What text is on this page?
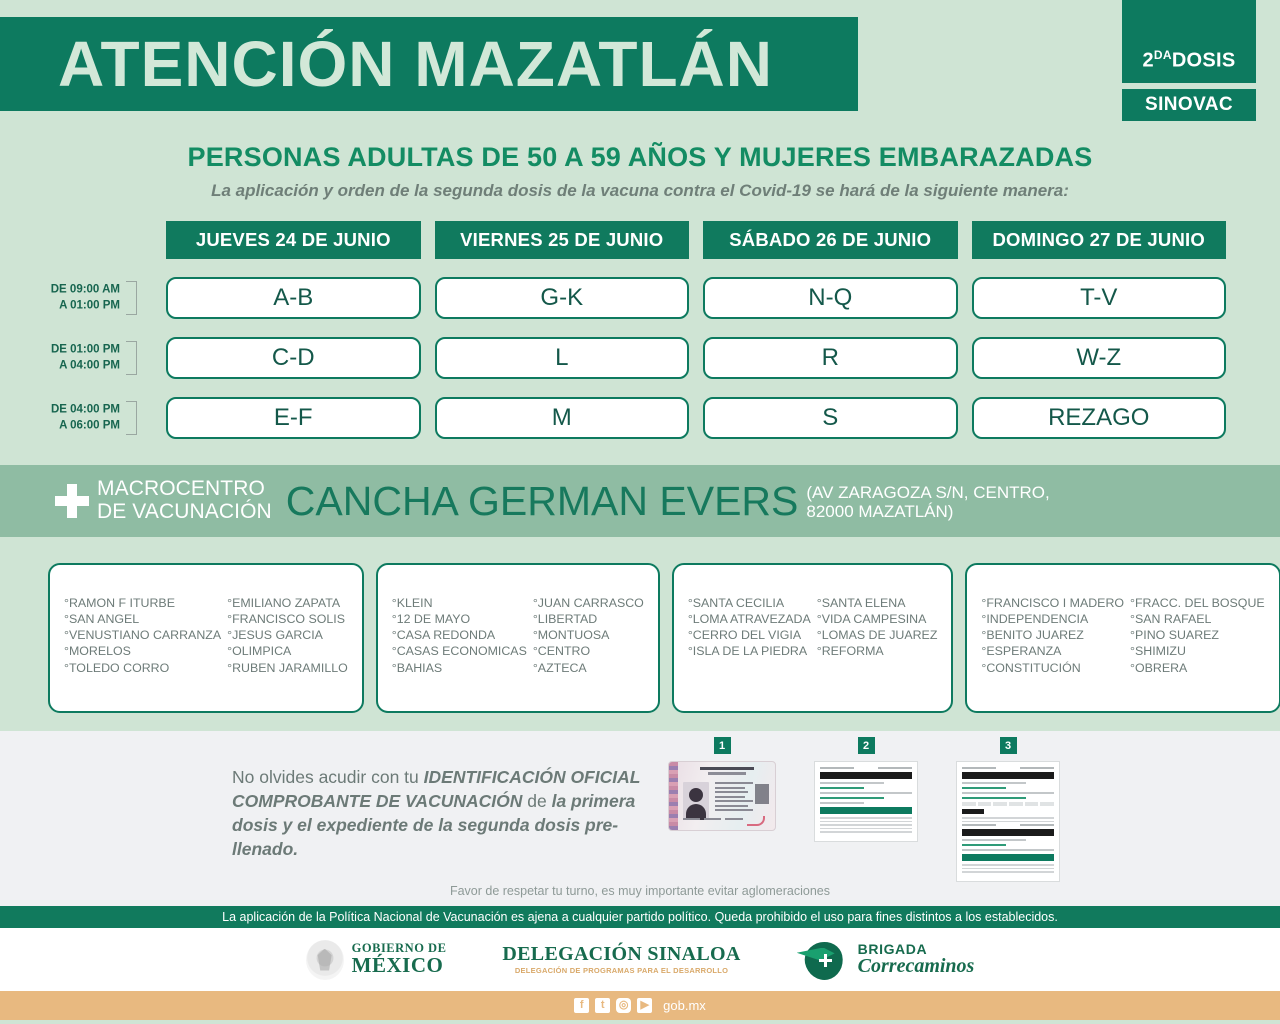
ATENCIÓN MAZATLÁN	$2^{DA}DOSIS$
SINOVAC
PERSONAS ADULTAS DE 50 A 59 AÑOS Y MUJERES EMBARAZADAS
La aplicación y orden de la segunda dosis de la vacuna contra el Covid-19 se hará de la siguiente manera:
JUEVES 24 DE JUNIO	VIERNES 25 DE JUNIO	SÁBADO 26 DE JUNIO	DOMINGO 27 DE JUNIO
DE 09:00 AM
A 01:00 PM	A-B	G-K	N-Q	T-V
DE 01:00 PM
A 04:00 PM	C-D	L	R	W-Z
DE 04:00 PM
A 06:00 PM	E-F	M	S	REZAGO
MACROCENTRO
DE VACUNACIÓN CANCHA GERMAN EVERS (AV ZARAGOZA S/N, CENTRO,
82000 MAZATLÁN)
°RAMON F ITURBE
°SAN ANGEL
°VENUSTIANO CARRANZA
°MORELOS
°TOLEDO CORRO
°EMILIANO ZAPATA
°FRANCISCO SOLIS
°JESUS GARCIA
°OLIMPICA
°RUBEN JARAMILLO
°KLEIN
°12 DE MAYO
°CASA REDONDA
°CASAS ECONOMICAS
°BAHIAS
°JUAN CARRASCO
°LIBERTAD
°MONTUOSA
°CENTRO
°AZTECA
°SANTA CECILIA
°LOMA ATRAVEZADA
°CERRO DEL VIGIA
°ISLA DE LA PIEDRA
°SANTA ELENA
°VIDA CAMPESINA
°LOMAS DE JUAREZ
°REFORMA
°FRANCISCO I MADERO
°INDEPENDENCIA
°BENITO JUAREZ
°ESPERANZA
°CONSTITUCIÓN
°FRACC. DEL BOSQUE
°SAN RAFAEL
°PINO SUAREZ
°SHIMIZU
°OBRERA
No olvides acudir con tu IDENTIFICACIÓN OFICIAL COMPROBANTE DE VACUNACIÓN de la primera dosis y el expediente de la segunda dosis pre-llenado.
1	2	3
Favor de respetar tu turno, es muy importante evitar aglomeraciones
La aplicación de la Política Nacional de Vacunación es ajena a cualquier partido político. Queda prohibido el uso para fines distintos a los establecidos.
GOBIERNO DE
MÉXICO	DELEGACIÓN SINALOA
DELEGACIÓN DE PROGRAMAS PARA EL DESARROLLO
BRIGADA
Correcaminos
f	t	◎ ▶ gob.mx
